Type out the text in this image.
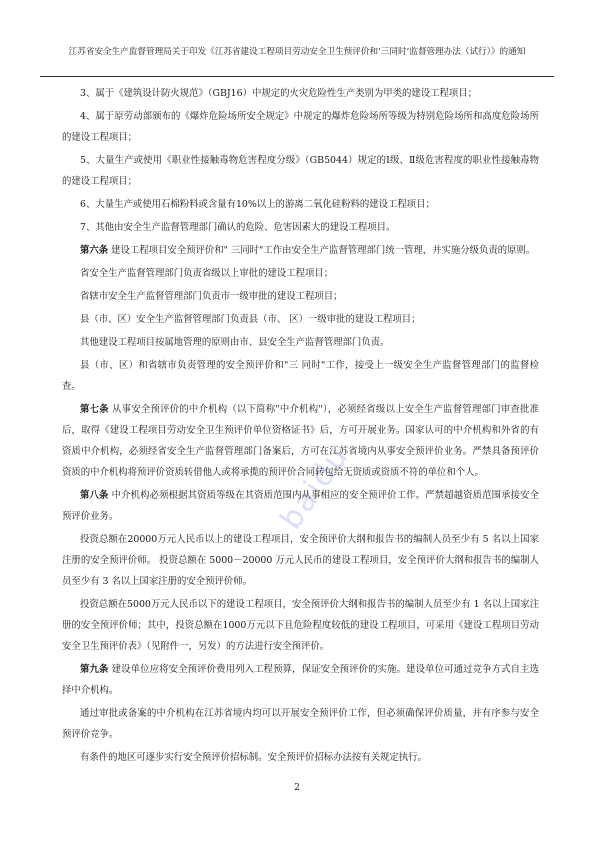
江苏省安全生产监督管理局关于印发《江苏省建设工程项目劳动安全卫生预评价和‘三同时’监督管理办法（试行）》的通知
baidu

3、属于《建筑设计防火规范》（GBJ16）中规定的火灾危险性生产类别为甲类的建设工程项目；

4、属于原劳动部颁布的《爆炸危险场所安全规定》中规定的爆炸危险场所等级为特别危险场所和高度危险场所的建设工程项目；

5、大量生产或使用《职业性接触毒物危害程度分级》（GB5044）规定的Ⅰ级、Ⅱ级危害程度的职业性接触毒物的建设工程项目；

6、大量生产或使用石棉粉料或含量有10%以上的游离二氧化硅粉料的建设工程项目；

7、其他由安全生产监督管理部门确认的危险、危害因素大的建设工程项目。

第六条 建设工程项目安全预评价和" 三同时"工作由安全生产监督管理部门统一管理，并实施分级负责的原则。

省安全生产监督管理部门负责省级以上审批的建设工程项目；

省辖市安全生产监督管理部门负责市一级审批的建设工程项目；

县（市、区）安全生产监督管理部门负责县（市、 区）一级审批的建设工程项目；

其他建设工程项目按属地管理的原则由市、县安全生产监督管理部门负责。

县（市、区）和省辖市负责管理的安全预评价和"三 同时"工作，接受上一级安全生产监督管理部门的监督检查。

第七条 从事安全预评价的中介机构（以下简称"中介机构"），必须经省级以上安全生产监督管理部门审查批准后，取得《建设工程项目劳动安全卫生预评价单位资格证书》后，方可开展业务。国家认可的中介机构和外省的有资质中介机构，必须经省安全生产监督管理部门备案后，方可在江苏省境内从事安全预评价业务。严禁具备预评价资质的中介机构将预评价资质转借他人或将承揽的预评价合同转包给无资质或资质不符的单位和个人。

第八条 中介机构必须根据其资质等级在其资质范围内从事相应的安全预评价工作。严禁超越资质范围承接安全预评价业务。

投资总额在20000万元人民币以上的建设工程项目，安全预评价大纲和报告书的编制人员至少有 5 名以上国家注册的安全预评价师。 投资总额在 5000－20000 万元人民币的建设工程项目，安全预评价大纲和报告书的编制人员至少有 3 名以上国家注册的安全预评价师。

投资总额在5000万元人民币以下的建设工程项目，安全预评价大纲和报告书的编制人员至少有 1 名以上国家注册的安全预评价师；其中，投资总额在1000万元以下且危险程度较低的建设工程项目，可采用《建设工程项目劳动安全卫生预评价表》（见附件一，另发）的方法进行安全预评价。

第九条 建设单位应将安全预评价费用列入工程预算，保证安全预评价的实施。建设单位可通过竞争方式自主选择中介机构。

通过审批或备案的中介机构在江苏省境内均可以开展安全预评价工作，但必须确保评价质量，并有序参与安全预评价竞争。

有条件的地区可逐步实行安全预评价招标制。安全预评价招标办法按有关规定执行。

2
